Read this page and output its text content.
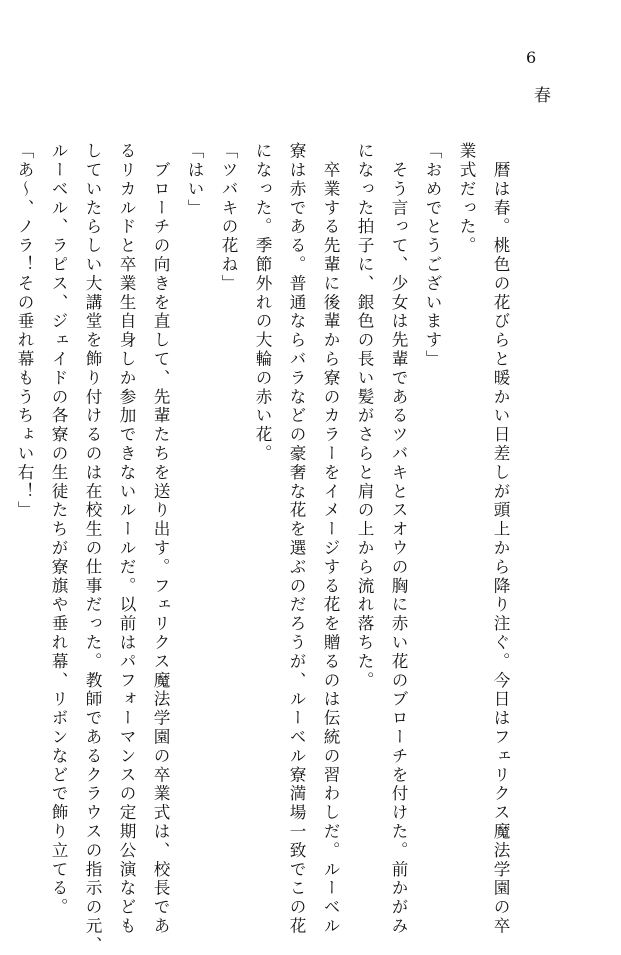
6
春
　暦は春。桃色の花びらと暖かい日差しが頭上から降り注ぐ。今日はフェリクス魔法学園の卒
業式だった。
「おめでとうございます」
　そう言って、少女は先輩であるツバキとスオウの胸に赤い花のブローチを付けた。前かがみ
になった拍子に、銀色の長い髪がさらと肩の上から流れ落ちた。
　卒業する先輩に後輩から寮のカラーをイメージする花を贈るのは伝統の習わしだ。ルーベル
寮は赤である。普通ならバラなどの豪奢な花を選ぶのだろうが、ルーベル寮満場一致でこの花
になった。季節外れの大輪の赤い花。
「ツバキの花ね」
「はい」
　ブローチの向きを直して、先輩たちを送り出す。フェリクス魔法学園の卒業式は、校長であ
るリカルドと卒業生自身しか参加できないルールだ。以前はパフォーマンスの定期公演なども
していたらしい大講堂を飾り付けるのは在校生の仕事だった。教師であるクラウスの指示の元、
ルーベル、ラピス、ジェイドの各寮の生徒たちが寮旗や垂れ幕、リボンなどで飾り立てる。
「あ〜、ノラ！その垂れ幕もうちょい右！」
